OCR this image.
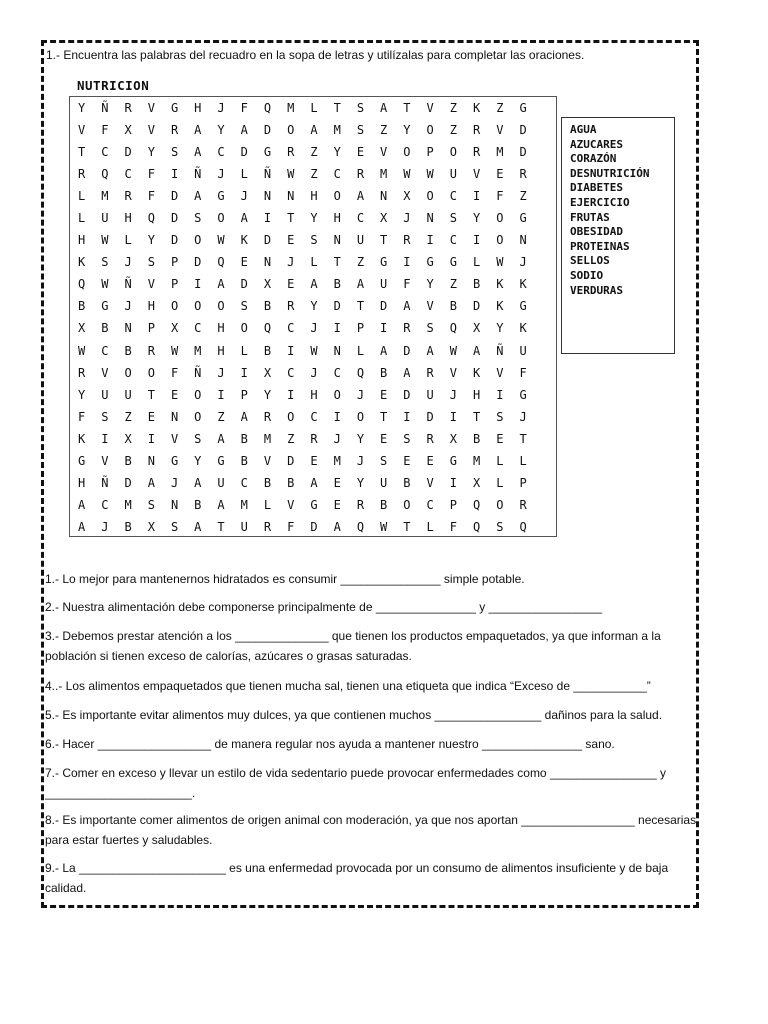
1.- Encuentra las palabras del recuadro en la sopa de letras y utilízalas para completar las oraciones.
NUTRICION
Y	Ñ	R	V	G	H	J	F	Q	M	L	T	S	A	T	V	Z	K	Z	G
V	F	X	V	R	A	Y	A	D	O	A	M	S	Z	Y	O	Z	R	V	D
T	C	D	Y	S	A	C	D	G	R	Z	Y	E	V	O	P	O	R	M	D
R	Q	C	F	I	Ñ	J	L	Ñ	W	Z	C	R	M	W	W	U	V	E	R
L	M	R	F	D	A	G	J	N	N	H	O	A	N	X	O	C	I	F	Z
L	U	H	Q	D	S	O	A	I	T	Y	H	C	X	J	N	S	Y	O	G
H	W	L	Y	D	O	W	K	D	E	S	N	U	T	R	I	C	I	O	N
K	S	J	S	P	D	Q	E	N	J	L	T	Z	G	I	G	G	L	W	J
Q	W	Ñ	V	P	I	A	D	X	E	A	B	A	U	F	Y	Z	B	K	K
B	G	J	H	O	O	O	S	B	R	Y	D	T	D	A	V	B	D	K	G
X	B	N	P	X	C	H	O	Q	C	J	I	P	I	R	S	Q	X	Y	K
W	C	B	R	W	M	H	L	B	I	W	N	L	A	D	A	W	A	Ñ	U
R	V	O	O	F	Ñ	J	I	X	C	J	C	Q	B	A	R	V	K	V	F
Y	U	U	T	E	O	I	P	Y	I	H	O	J	E	D	U	J	H	I	G
F	S	Z	E	N	O	Z	A	R	O	C	I	O	T	I	D	I	T	S	J
K	I	X	I	V	S	A	B	M	Z	R	J	Y	E	S	R	X	B	E	T
G	V	B	N	G	Y	G	B	V	D	E	M	J	S	E	E	G	M	L	L
H	Ñ	D	A	J	A	U	C	B	B	A	E	Y	U	B	V	I	X	L	P
A	C	M	S	N	B	A	M	L	V	G	E	R	B	O	C	P	Q	O	R
A	J	B	X	S	A	T	U	R	F	D	A	Q	W	T	L	F	Q	S	Q
AGUA
AZUCARES
CORAZÓN
DESNUTRICIÓN
DIABETES
EJERCICIO
FRUTAS
OBESIDAD
PROTEINAS
SELLOS
SODIO
VERDURAS
1.- Lo mejor para mantenernos hidratados es consumir _______________ simple potable.
2.- Nuestra alimentación debe componerse principalmente de _______________ y _________________
3.- Debemos prestar atención a los ______________ que tienen los productos empaquetados, ya que informan a la población si tienen exceso de calorías, azúcares o grasas saturadas.
4..- Los alimentos empaquetados que tienen mucha sal, tienen una etiqueta que indica “Exceso de ___________”
5.- Es importante evitar alimentos muy dulces, ya que contienen muchos ________________ dañinos para la salud.
6.- Hacer _________________ de manera regular nos ayuda a mantener nuestro _______________ sano.
7.- Comer en exceso y llevar un estilo de vida sedentario puede provocar enfermedades como ________________ y ______________________.
8.- Es importante comer alimentos de origen animal con moderación, ya que nos aportan _________________ necesarias para estar fuertes y saludables.
9.- La ______________________ es una enfermedad provocada por un consumo de alimentos insuficiente y de baja calidad.
